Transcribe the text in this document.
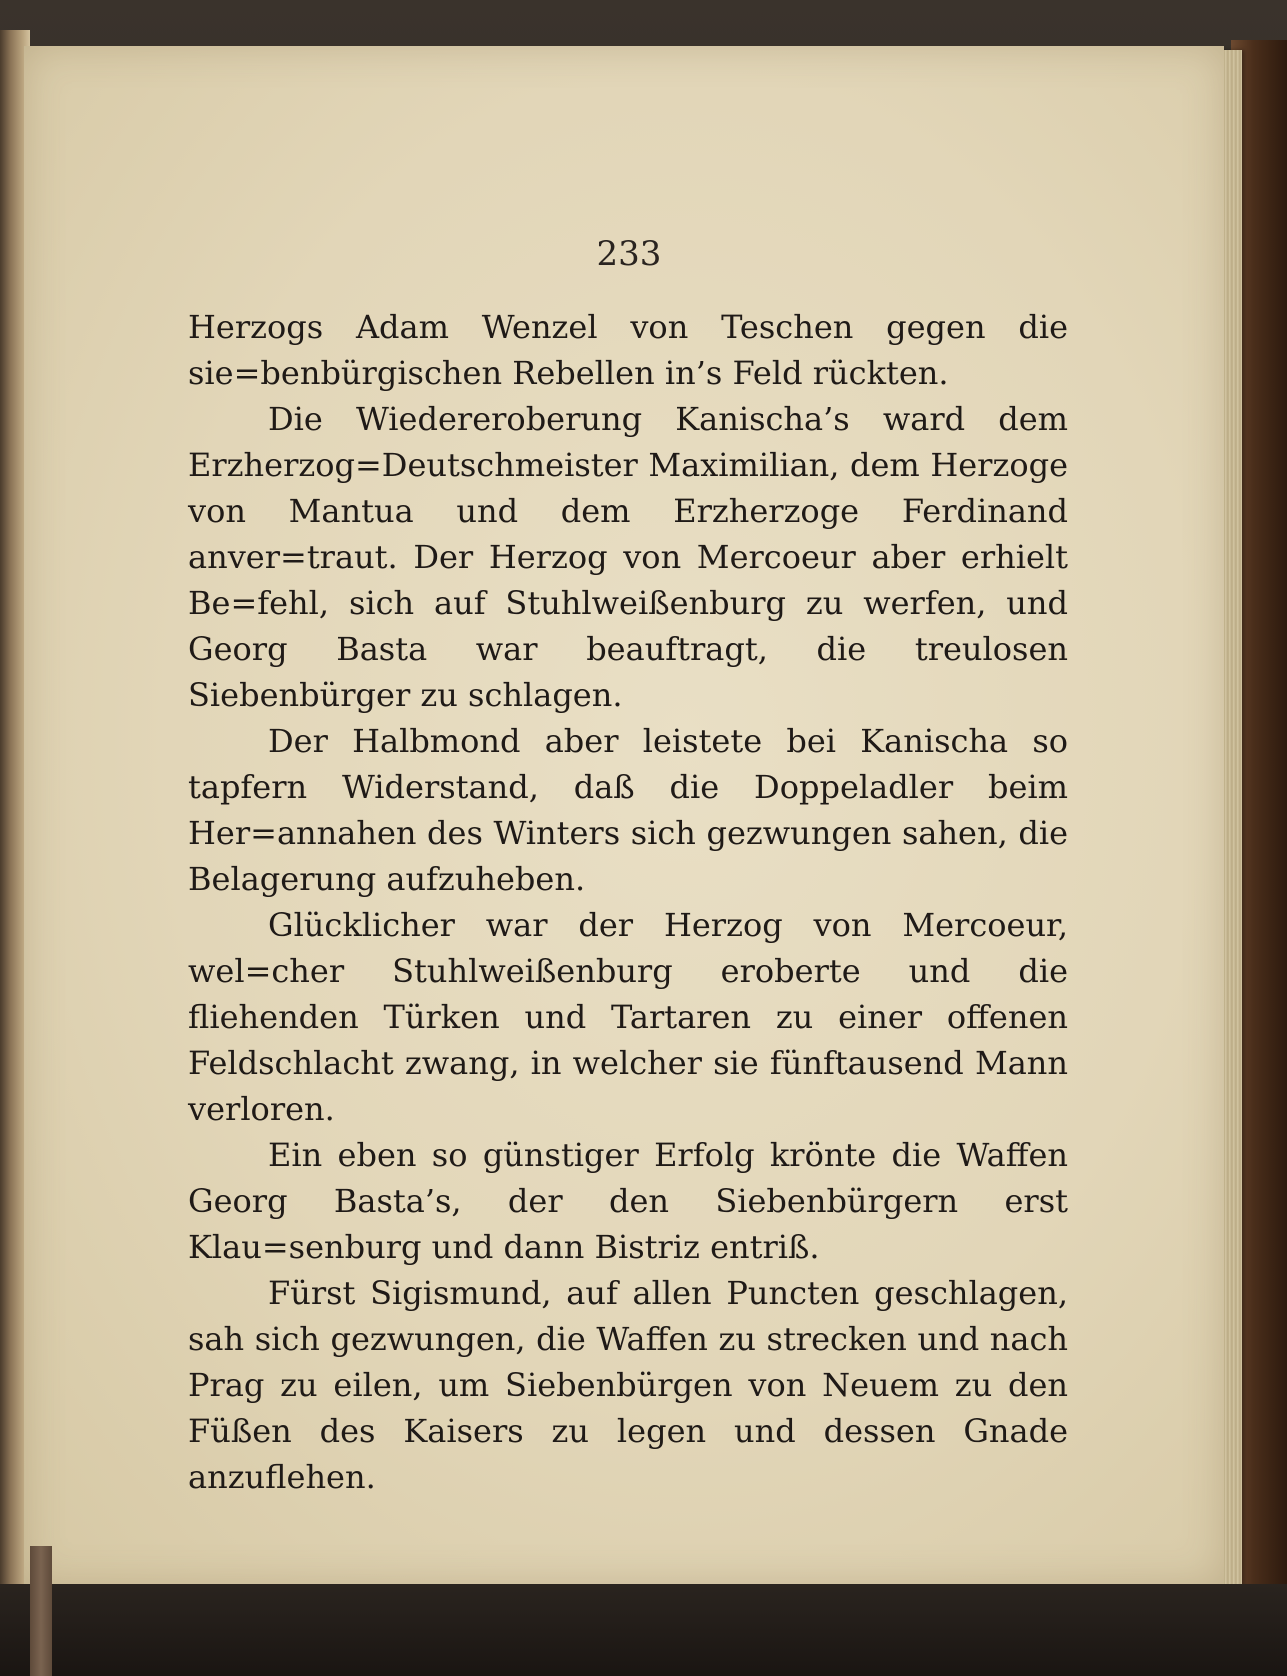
233

Herzogs Adam Wenzel von Teschen gegen die sie=benbürgischen Rebellen in’s Feld rückten.

Die Wiedereroberung Kanischa’s ward dem Erzherzog=Deutschmeister Maximilian, dem Herzoge von Mantua und dem Erzherzoge Ferdinand anver=traut. Der Herzog von Mercoeur aber erhielt Be=fehl, sich auf Stuhlweißenburg zu werfen, und Georg Basta war beauftragt, die treulosen Siebenbürger zu schlagen.

Der Halbmond aber leistete bei Kanischa so tapfern Widerstand, daß die Doppeladler beim Her=annahen des Winters sich gezwungen sahen, die Belagerung aufzuheben.

Glücklicher war der Herzog von Mercoeur, wel=cher Stuhlweißenburg eroberte und die fliehenden Türken und Tartaren zu einer offenen Feldschlacht zwang, in welcher sie fünftausend Mann verloren.

Ein eben so günstiger Erfolg krönte die Waffen Georg Basta’s, der den Siebenbürgern erst Klau=senburg und dann Bistriz entriß.

Fürst Sigismund, auf allen Puncten geschlagen, sah sich gezwungen, die Waffen zu strecken und nach Prag zu eilen, um Siebenbürgen von Neuem zu den Füßen des Kaisers zu legen und dessen Gnade anzuflehen.
